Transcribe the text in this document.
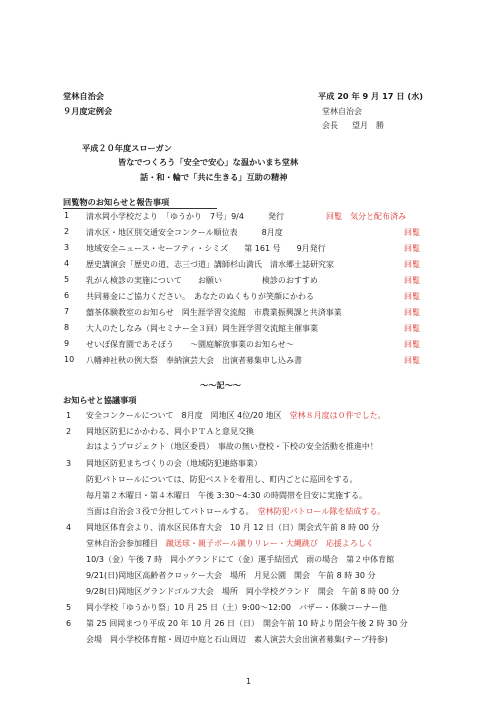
堂林自治会
９月度定例会
平成 20 年 9 月 17 日 (水)
堂林自治会
会長 望月　勝
平成２０年度スローガン
皆なでつくろう「安全で安心」な温かいまち堂林
話・和・輪で「共に生きる」互助の精神
回覧物のお知らせと報告事項
1 清水岡小学校だより　「ゆうかり　7号」9/4　　　発行	回覧　気分と配布済み
2 清水区・地区別交通安全コンクール順位表　　　8月度	回覧
3 地域安全ニュース・セーフティ・シミズ　　第 161 号　　9月発行	回覧
4 歴史講演会「歴史の道、志三づ道」講師杉山満氏　清水郷土誌研究家	回覧
5 乳がん検診の実施について　　お願い　　　　　検診のおすすめ	回覧
6 共同募金にご協力ください。　あなたのぬくもりが笑顔にかわる	回覧
7 囍茶体験教室のお知らせ　岡生涯学習交流館　市農業振興課と共済事業	回覧
8 大人のたしなみ（岡セミナー全３回）岡生涯学習交流館主催事業	回覧
9 せいぼ保育園であそぼう　　～園庭解放事業のお知らせ～	回覧
10 八幡神社秋の例大祭　奉納演芸大会　出演者募集申し込み書	回覧
～～記～～
お知らせと協議事項
1 安全コンクールについて　8月度　岡地区 4位/20 地区　堂林８月度は０件でした。
2 岡地区防犯にかかわる、岡小ＰＴＡと意見交換
おはようプロジェクト（地区委員）　事故の無い登校・下校の安全活動を推進中！
3 岡地区防犯まちづくりの会（地域防犯連絡事業）
防犯パトロールについては、防犯ベストを着用し、町内ごとに巡回をする。
毎月第２木曜日・第４木曜日　午後 3:30～4:30 の時間帯を目安に実施する。
当面は自治会３役で分担してパトロールする。　堂林防犯パトロール隊を結成する。
4 岡地区体育会より、清水区民体育大会　10 月 12 日（日）開会式午前 8 時 00 分
堂林自治会参加種目　蹴送球・親子ボール蹴りリレー・大縄跳び　応援よろしく
10/3（金）午後 7 時　岡小グランドにて（金）運手結団式　雨の場合　第２中体育館
9/21(日)岡地区高齢者クロッケー大会　場所　月見公園　開会　午前 8 時 30 分
9/28(日)岡地区グランドゴルフ大会　場所　岡小学校グランド　開会　午前 8 時 00 分
5 岡小学校「ゆうかり祭」10 月 25 日（土）9:00～12:00　バザー・体験コーナー他
6 第 25 回岡まつり平成 20 年 10 月 26 日（日）　開会午前 10 時より閉会午後 2 時 30 分
会場　岡小学校体育館・周辺中庭と石山周辺　素人演芸大会出演者募集(テープ持参)
1
